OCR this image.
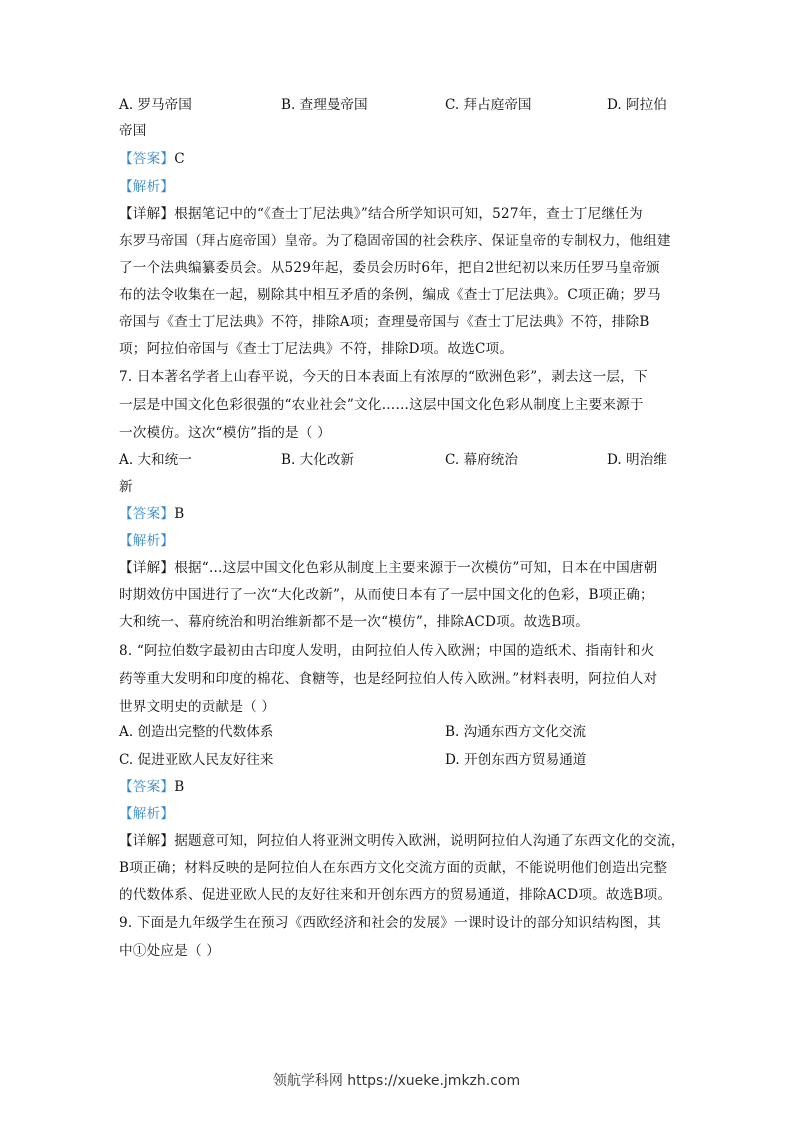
A. 罗马帝国	B. 查理曼帝国	C. 拜占庭帝国	D. 阿拉伯
帝国
【答案】C
【解析】
【详解】根据笔记中的“《查士丁尼法典》”结合所学知识可知，527年，查士丁尼继任为
东罗马帝国（拜占庭帝国）皇帝。为了稳固帝国的社会秩序、保证皇帝的专制权力，他组建
了一个法典编纂委员会。从529年起，委员会历时6年，把自2世纪初以来历任罗马皇帝颁
布的法令收集在一起，剔除其中相互矛盾的条例，编成《查士丁尼法典》。C项正确；罗马
帝国与《查士丁尼法典》不符，排除A项；查理曼帝国与《查士丁尼法典》不符，排除B
项；阿拉伯帝国与《查士丁尼法典》不符，排除D项。故选C项。
7. 日本著名学者上山春平说，今天的日本表面上有浓厚的“欧洲色彩”，剥去这一层，下
一层是中国文化色彩很强的“农业社会”文化……这层中国文化色彩从制度上主要来源于
一次模仿。这次“模仿”指的是（ ）
A. 大和统一	B. 大化改新	C. 幕府统治	D. 明治维
新
【答案】B
【解析】
【详解】根据“…这层中国文化色彩从制度上主要来源于一次模仿”可知，日本在中国唐朝
时期效仿中国进行了一次“大化改新”，从而使日本有了一层中国文化的色彩，B项正确；
大和统一、幕府统治和明治维新都不是一次“模仿”，排除ACD项。故选B项。
8. “阿拉伯数字最初由古印度人发明，由阿拉伯人传入欧洲；中国的造纸术、指南针和火
药等重大发明和印度的棉花、食糖等，也是经阿拉伯人传入欧洲。”材料表明，阿拉伯人对
世界文明史的贡献是（ ）
A. 创造出完整的代数体系	B. 沟通东西方文化交流
C. 促进亚欧人民友好往来	D. 开创东西方贸易通道
【答案】B
【解析】
【详解】据题意可知，阿拉伯人将亚洲文明传入欧洲，说明阿拉伯人沟通了东西文化的交流，
B项正确；材料反映的是阿拉伯人在东西方文化交流方面的贡献，不能说明他们创造出完整
的代数体系、促进亚欧人民的友好往来和开创东西方的贸易通道，排除ACD项。故选B项。
9. 下面是九年级学生在预习《西欧经济和社会的发展》一课时设计的部分知识结构图，其
中①处应是（ ）
领航学科网 https://xueke.jmkzh.com
